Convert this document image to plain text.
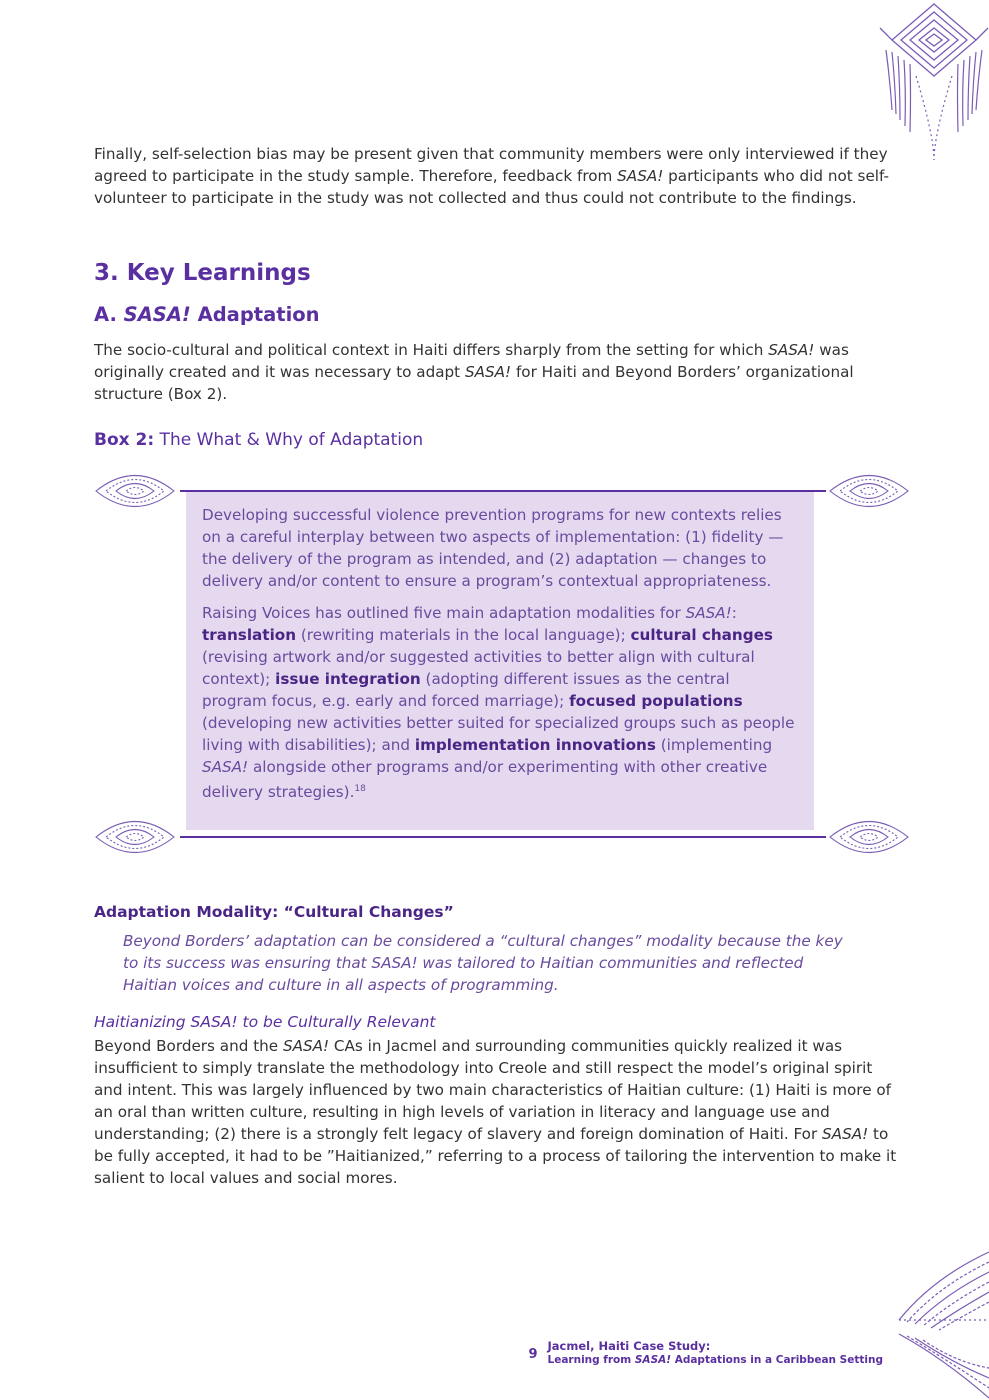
Finally, self-selection bias may be present given that community members were only interviewed if they agreed to participate in the study sample. Therefore, feedback from SASA! participants who did not self-volunteer to participate in the study was not collected and thus could not contribute to the findings.

3. Key Learnings
A. SASA! Adaptation

The socio-cultural and political context in Haiti differs sharply from the setting for which SASA! was originally created and it was necessary to adapt SASA! for Haiti and Beyond Borders’ organizational structure (Box 2).

Box 2: The What & Why of Adaptation

Developing successful violence prevention programs for new contexts relies on a careful interplay between two aspects of implementation: (1) fidelity — the delivery of the program as intended, and (2) adaptation — changes to delivery and/or content to ensure a program’s contextual appropriateness.

Raising Voices has outlined five main adaptation modalities for SASA!: translation (rewriting materials in the local language); cultural changes (revising artwork and/or suggested activities to better align with cultural context); issue integration (adopting different issues as the central program focus, e.g. early and forced marriage); focused populations (developing new activities better suited for specialized groups such as people living with disabilities); and implementation innovations (implementing SASA! alongside other programs and/or experimenting with other creative delivery strategies).$^{18}$

Adaptation Modality: “Cultural Changes”

Beyond Borders’ adaptation can be considered a “cultural changes” modality because the key to its success was ensuring that SASA! was tailored to Haitian communities and reflected Haitian voices and culture in all aspects of programming.

Haitianizing SASA! to be Culturally Relevant

Beyond Borders and the SASA! CAs in Jacmel and surrounding communities quickly realized it was insufficient to simply translate the methodology into Creole and still respect the model’s original spirit and intent. This was largely influenced by two main characteristics of Haitian culture: (1) Haiti is more of an oral than written culture, resulting in high levels of variation in literacy and language use and understanding; (2) there is a strongly felt legacy of slavery and foreign domination of Haiti. For SASA! to be fully accepted, it had to be ”Haitianized,” referring to a process of tailoring the intervention to make it salient to local values and social mores.

9
Jacmel, Haiti Case Study:
Learning from SASA! Adaptations in a Caribbean Setting
